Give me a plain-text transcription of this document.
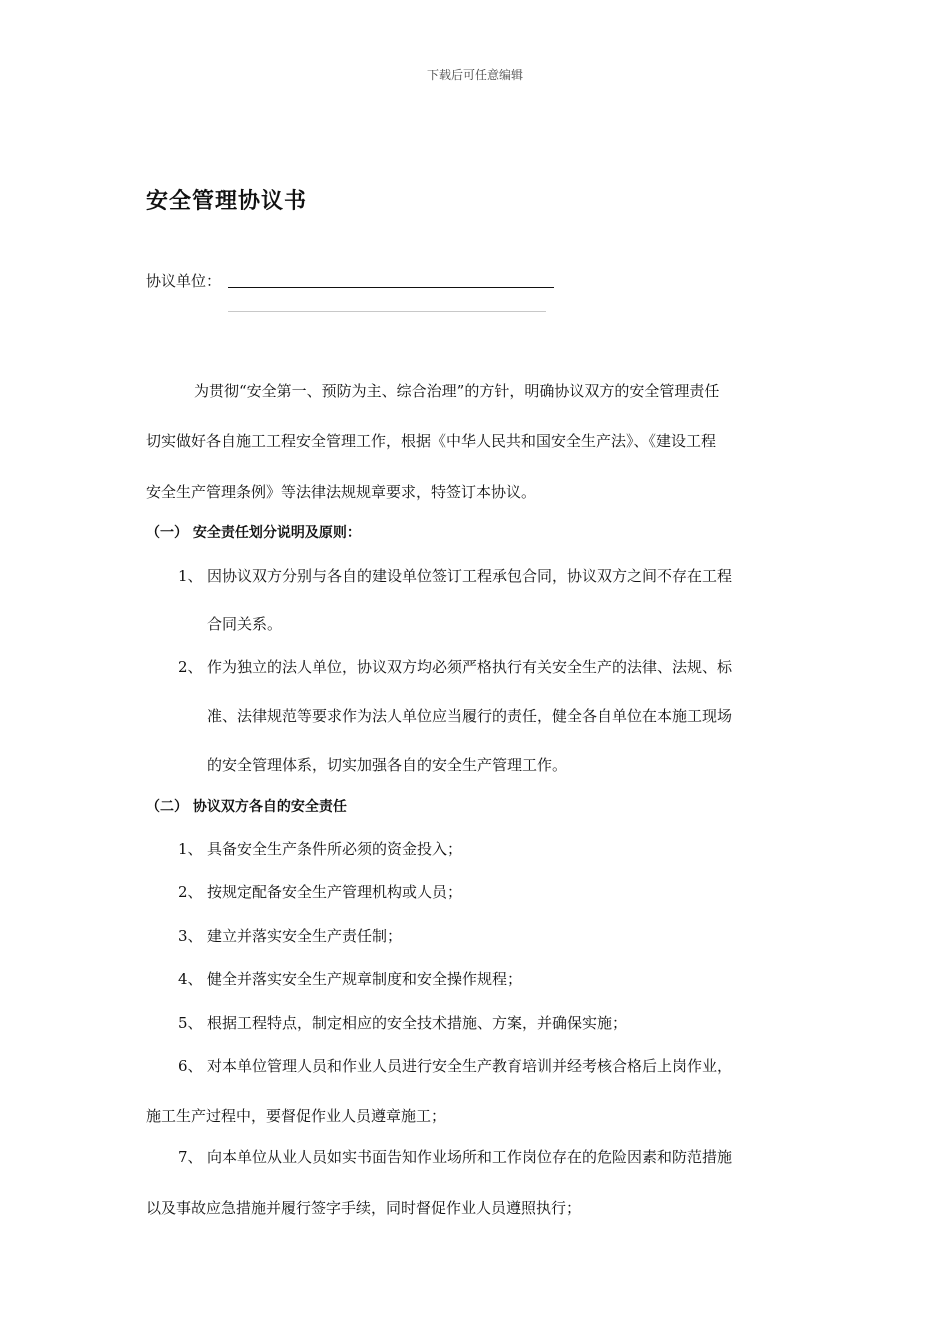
下载后可任意编辑
安全管理协议书
协议单位：
为贯彻“安全第一、预防为主、综合治理”的方针，明确协议双方的安全管理责任
切实做好各自施工工程安全管理工作，根据《中华人民共和国安全生产法》、《建设工程
安全生产管理条例》等法律法规规章要求，特签订本协议。
（一） 安全责任划分说明及原则：
1、 因协议双方分别与各自的建设单位签订工程承包合同，协议双方之间不存在工程
合同关系。
2、 作为独立的法人单位，协议双方均必须严格执行有关安全生产的法律、法规、标
准、法律规范等要求作为法人单位应当履行的责任，健全各自单位在本施工现场
的安全管理体系，切实加强各自的安全生产管理工作。
（二） 协议双方各自的安全责任
1、 具备安全生产条件所必须的资金投入；
2、 按规定配备安全生产管理机构或人员；
3、 建立并落实安全生产责任制；
4、 健全并落实安全生产规章制度和安全操作规程；
5、 根据工程特点，制定相应的安全技术措施、方案，并确保实施；
6、 对本单位管理人员和作业人员进行安全生产教育培训并经考核合格后上岗作业，
施工生产过程中，要督促作业人员遵章施工；
7、 向本单位从业人员如实书面告知作业场所和工作岗位存在的危险因素和防范措施
以及事故应急措施并履行签字手续，同时督促作业人员遵照执行；
